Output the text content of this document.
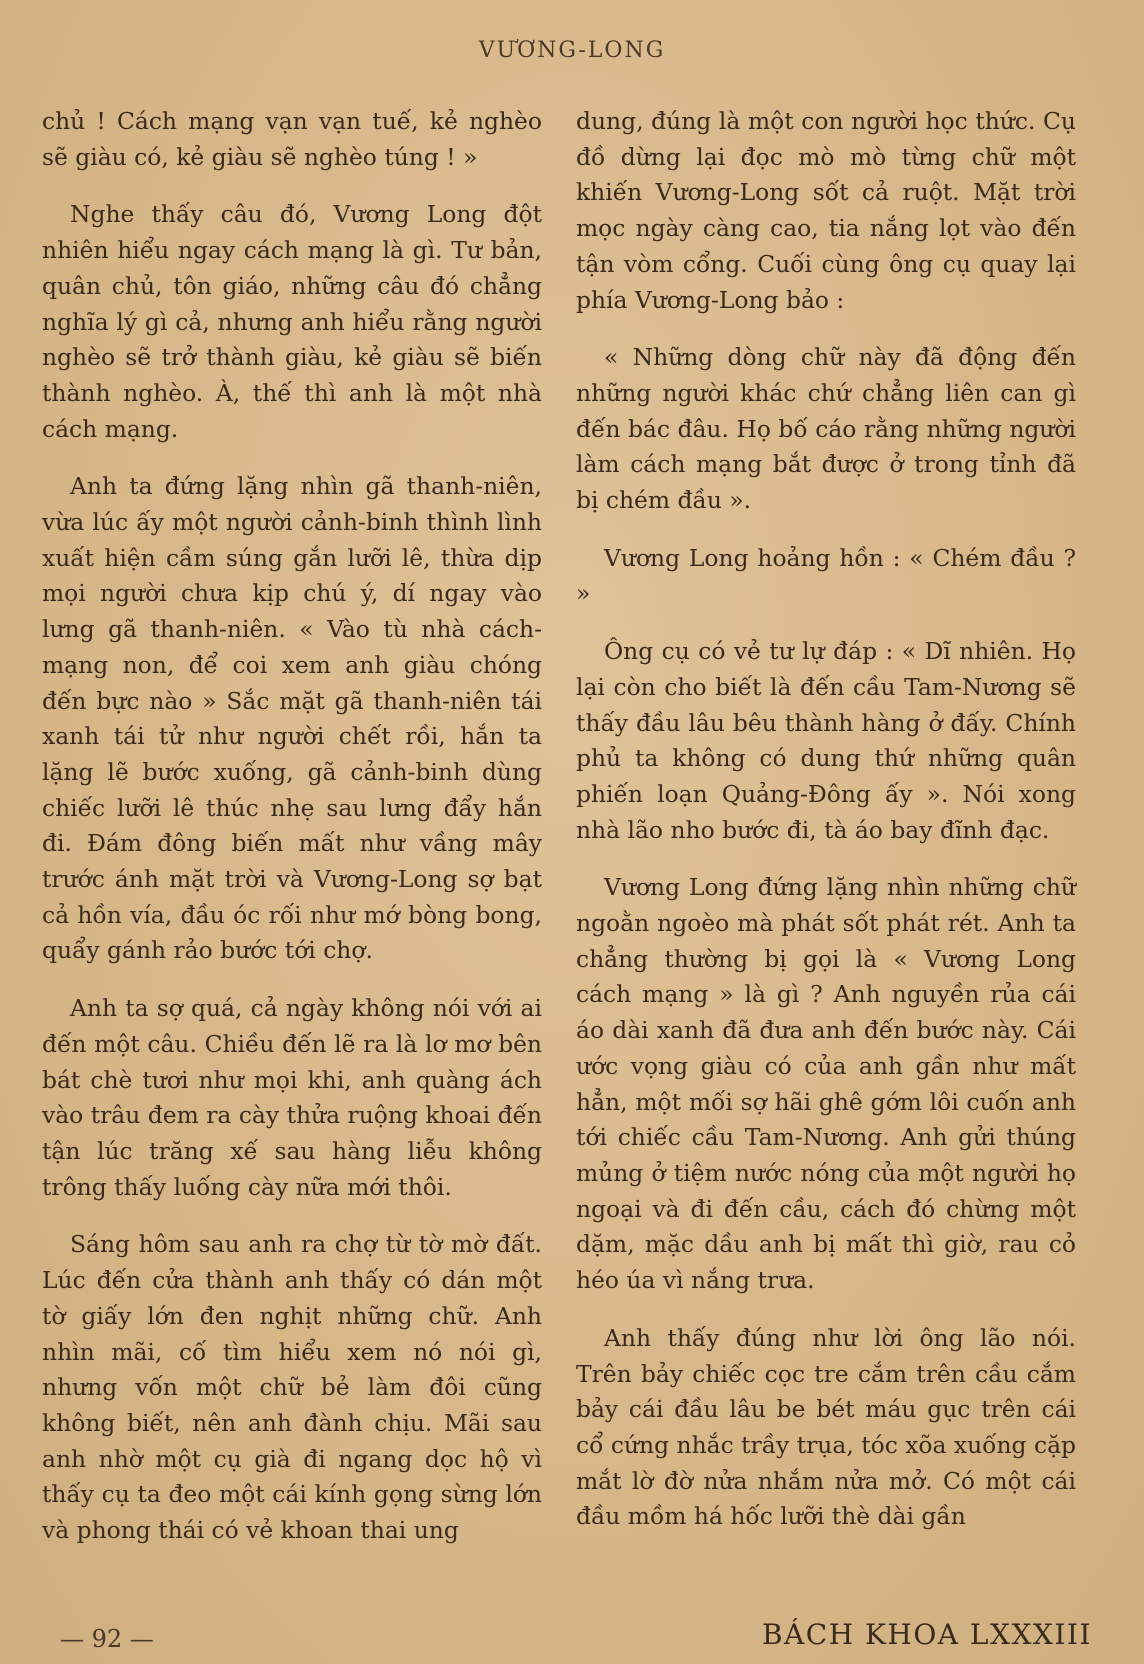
VƯƠNG-LONG

chủ ! Cách mạng vạn vạn tuế, kẻ nghèo sẽ giàu có, kẻ giàu sẽ nghèo túng ! »

Nghe thấy câu đó, Vương Long đột nhiên hiểu ngay cách mạng là gì. Tư bản, quân chủ, tôn giáo, những câu đó chẳng nghĩa lý gì cả, nhưng anh hiểu rằng người nghèo sẽ trở thành giàu, kẻ giàu sẽ biến thành nghèo. À, thế thì anh là một nhà cách mạng.

Anh ta đứng lặng nhìn gã thanh-niên, vừa lúc ấy một người cảnh-binh thình lình xuất hiện cầm súng gắn lưỡi lê, thừa dịp mọi người chưa kịp chú ý, dí ngay vào lưng gã thanh-niên. « Vào tù nhà cách-mạng non, để coi xem anh giàu chóng đến bực nào » Sắc mặt gã thanh-niên tái xanh tái tử như người chết rồi, hắn ta lặng lẽ bước xuống, gã cảnh-binh dùng chiếc lưỡi lê thúc nhẹ sau lưng đẩy hắn đi. Đám đông biến mất như vầng mây trước ánh mặt trời và Vương-Long sợ bạt cả hồn vía, đầu óc rối như mớ bòng bong, quẩy gánh rảo bước tới chợ.

Anh ta sợ quá, cả ngày không nói với ai đến một câu. Chiều đến lẽ ra là lơ mơ bên bát chè tươi như mọi khi, anh quàng ách vào trâu đem ra cày thửa ruộng khoai đến tận lúc trăng xế sau hàng liễu không trông thấy luống cày nữa mới thôi.

Sáng hôm sau anh ra chợ từ tờ mờ đất. Lúc đến cửa thành anh thấy có dán một tờ giấy lớn đen nghịt những chữ. Anh nhìn mãi, cố tìm hiểu xem nó nói gì, nhưng vốn một chữ bẻ làm đôi cũng không biết, nên anh đành chịu. Mãi sau anh nhờ một cụ già đi ngang dọc hộ vì thấy cụ ta đeo một cái kính gọng sừng lớn và phong thái có vẻ khoan thai ung

dung, đúng là một con người học thức. Cụ đồ dừng lại đọc mò mò từng chữ một khiến Vương-Long sốt cả ruột. Mặt trời mọc ngày càng cao, tia nắng lọt vào đến tận vòm cổng. Cuối cùng ông cụ quay lại phía Vương-Long bảo :

« Những dòng chữ này đã động đến những người khác chứ chẳng liên can gì đến bác đâu. Họ bố cáo rằng những người làm cách mạng bắt được ở trong tỉnh đã bị chém đầu ».

Vương Long hoảng hồn : « Chém đầu ? »

Ông cụ có vẻ tư lự đáp : « Dĩ nhiên. Họ lại còn cho biết là đến cầu Tam-Nương sẽ thấy đầu lâu bêu thành hàng ở đấy. Chính phủ ta không có dung thứ những quân phiến loạn Quảng-Đông ấy ». Nói xong nhà lão nho bước đi, tà áo bay đĩnh đạc.

Vương Long đứng lặng nhìn những chữ ngoằn ngoèo mà phát sốt phát rét. Anh ta chẳng thường bị gọi là « Vương Long cách mạng » là gì ? Anh nguyền rủa cái áo dài xanh đã đưa anh đến bước này. Cái ước vọng giàu có của anh gần như mất hẳn, một mối sợ hãi ghê gớm lôi cuốn anh tới chiếc cầu Tam-Nương. Anh gửi thúng mủng ở tiệm nước nóng của một người họ ngoại và đi đến cầu, cách đó chừng một dặm, mặc dầu anh bị mất thì giờ, rau cỏ héo úa vì nắng trưa.

Anh thấy đúng như lời ông lão nói. Trên bảy chiếc cọc tre cắm trên cầu cắm bảy cái đầu lâu be bét máu gục trên cái cổ cứng nhắc trầy trụa, tóc xõa xuống cặp mắt lờ đờ nửa nhắm nửa mở. Có một cái đầu mồm há hốc lưỡi thè dài gần

— 92 —	BÁCH KHOA LXXXIII
